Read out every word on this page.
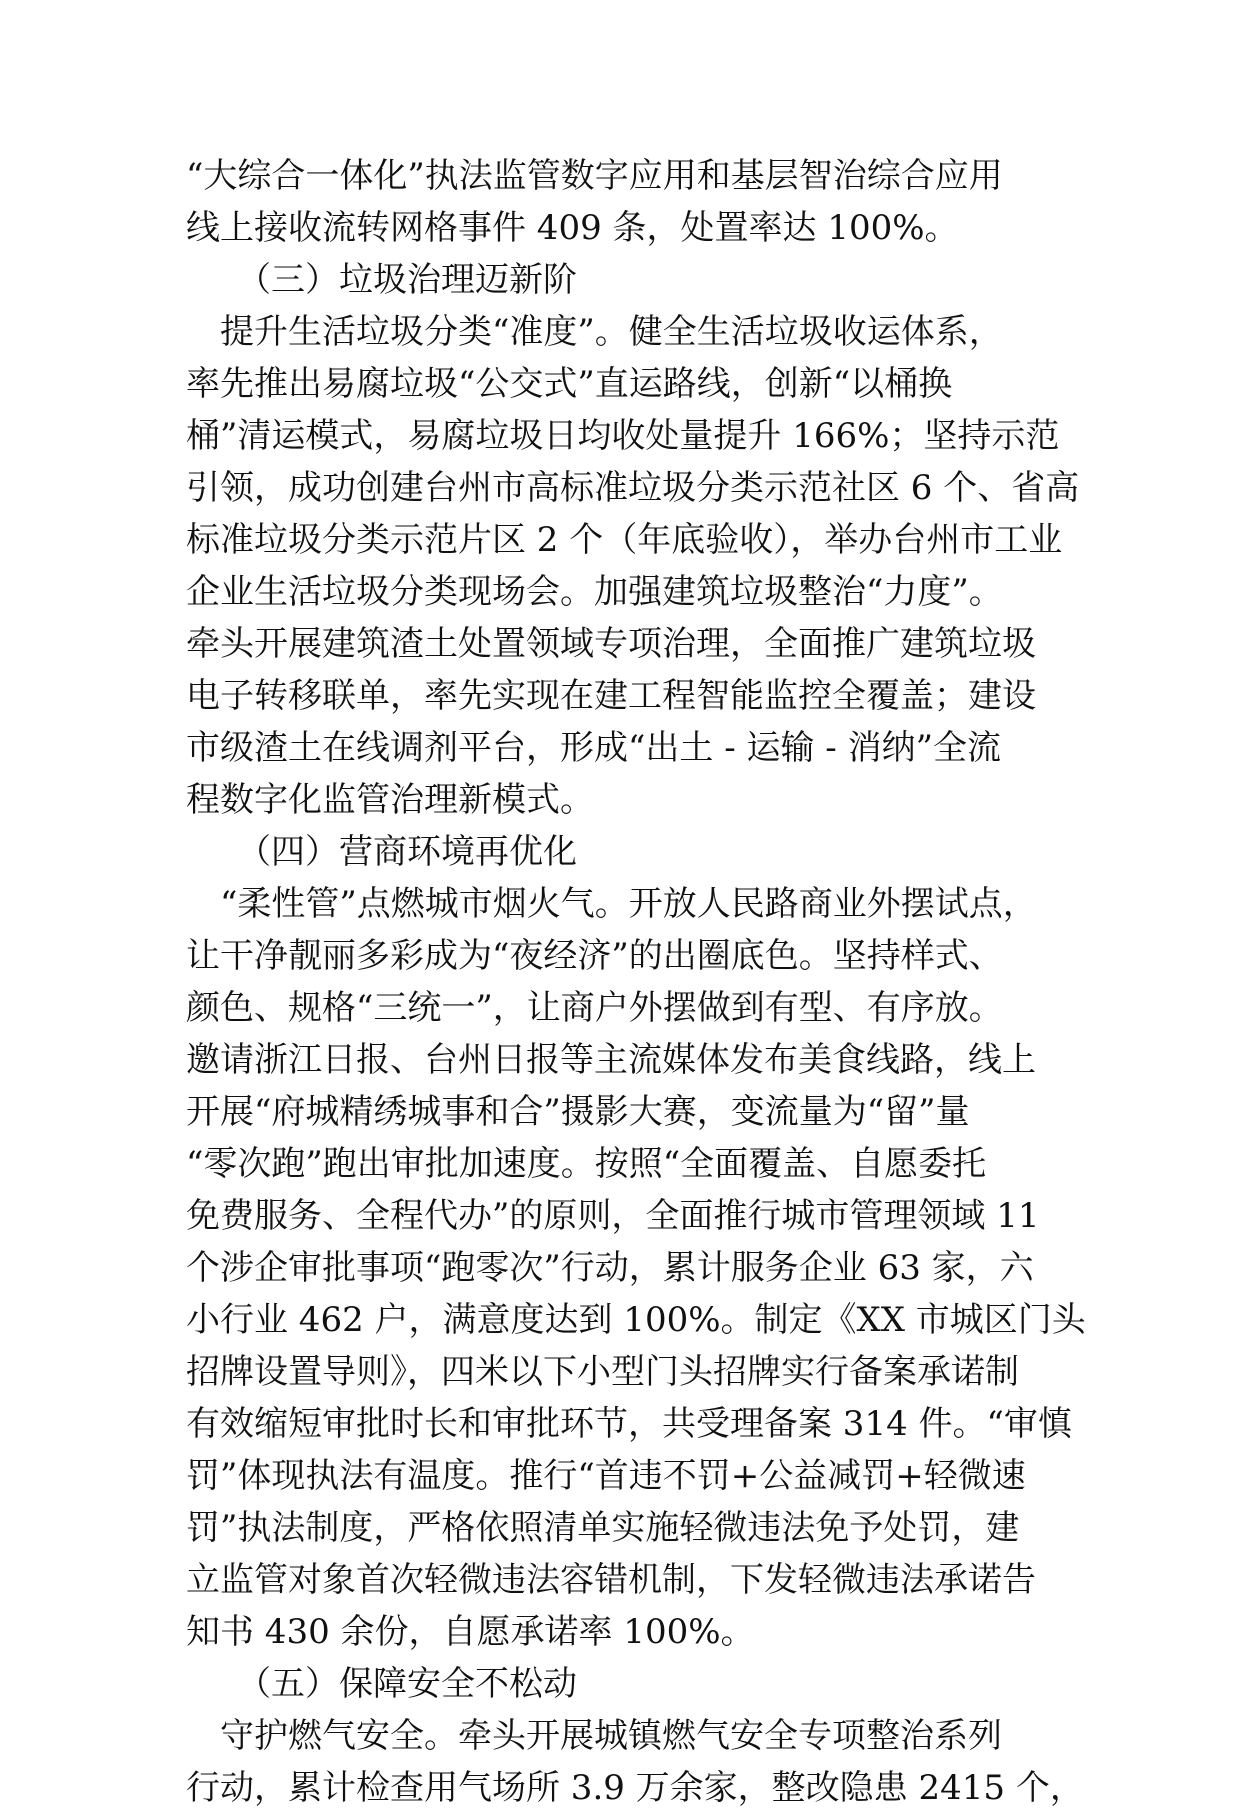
“大综合一体化”执法监管数字应用和基层智治综合应用
线上接收流转网格事件 409 条，处置率达 100%。
　　（三）垃圾治理迈新阶
　提升生活垃圾分类“准度”。健全生活垃圾收运体系，
率先推出易腐垃圾“公交式”直运路线，创新“以桶换
桶”清运模式，易腐垃圾日均收处量提升 166%；坚持示范
引领，成功创建台州市高标准垃圾分类示范社区 6 个、省高
标准垃圾分类示范片区 2 个（年底验收），举办台州市工业
企业生活垃圾分类现场会。加强建筑垃圾整治“力度”。
牵头开展建筑渣土处置领域专项治理，全面推广建筑垃圾
电子转移联单，率先实现在建工程智能监控全覆盖；建设
市级渣土在线调剂平台，形成“出土 - 运输 - 消纳”全流
程数字化监管治理新模式。
　　（四）营商环境再优化
　“柔性管”点燃城市烟火气。开放人民路商业外摆试点，
让干净靓丽多彩成为“夜经济”的出圈底色。坚持样式、
颜色、规格“三统一”，让商户外摆做到有型、有序放。
邀请浙江日报、台州日报等主流媒体发布美食线路，线上
开展“府城精绣城事和合”摄影大赛，变流量为“留”量
“零次跑”跑出审批加速度。按照“全面覆盖、自愿委托
免费服务、全程代办”的原则，全面推行城市管理领域 11
个涉企审批事项“跑零次”行动，累计服务企业 63 家，六
小行业 462 户，满意度达到 100%。制定《XX 市城区门头
招牌设置导则》，四米以下小型门头招牌实行备案承诺制
有效缩短审批时长和审批环节，共受理备案 314 件。“审慎
罚”体现执法有温度。推行“首违不罚+公益减罚+轻微速
罚”执法制度，严格依照清单实施轻微违法免予处罚，建
立监管对象首次轻微违法容错机制，下发轻微违法承诺告
知书 430 余份，自愿承诺率 100%。
　　（五）保障安全不松动
　守护燃气安全。牵头开展城镇燃气安全专项整治系列
行动，累计检查用气场所 3.9 万余家，整改隐患 2415 个，
